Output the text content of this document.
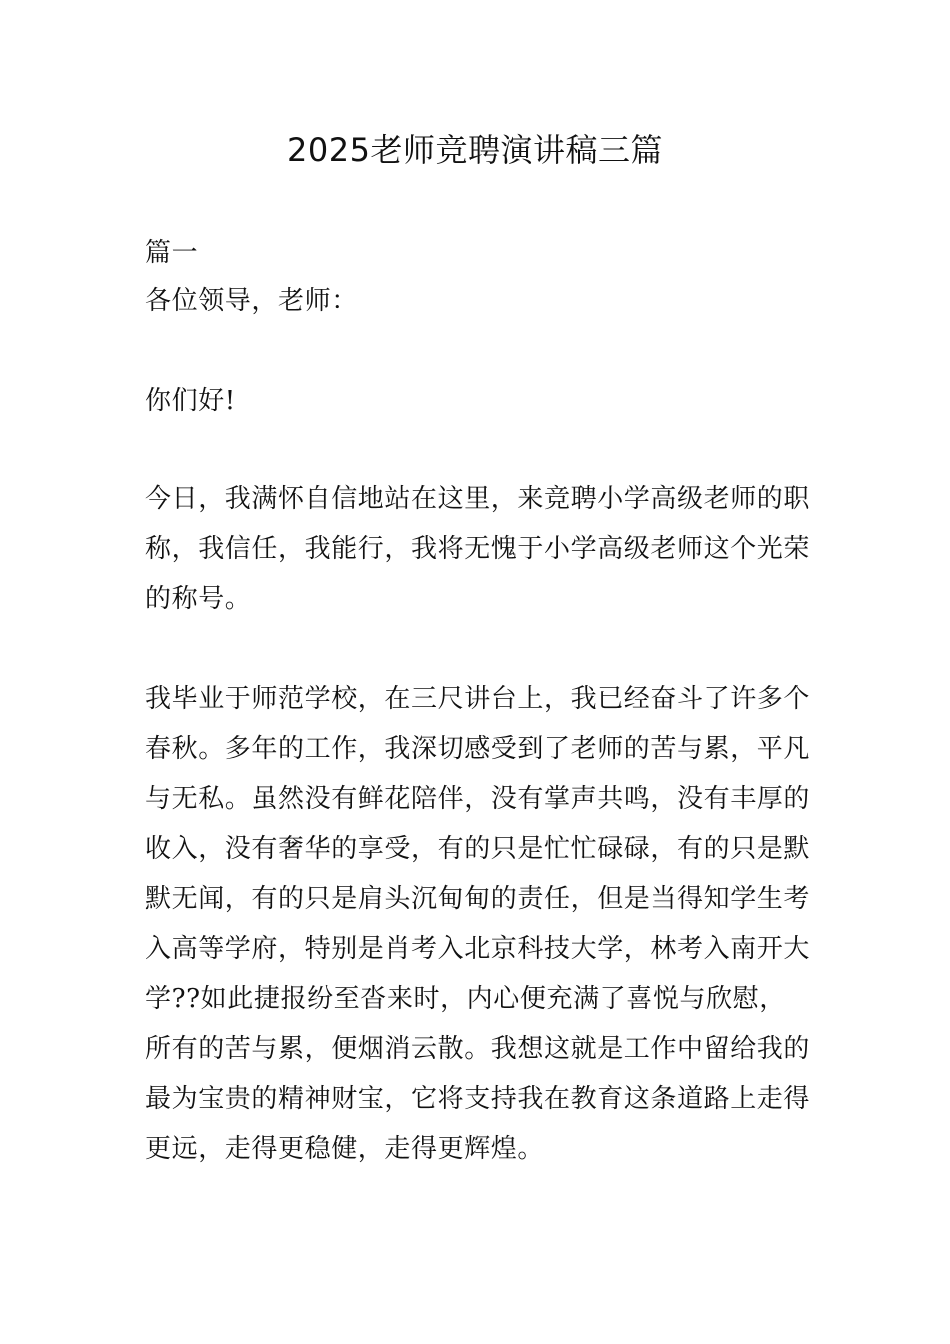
2025老师竞聘演讲稿三篇

篇一

各位领导，老师：

你们好!

今日，我满怀自信地站在这里，来竞聘小学高级老师的职称，我信任，我能行，我将无愧于小学高级老师这个光荣的称号。

我毕业于师范学校，在三尺讲台上，我已经奋斗了许多个春秋。多年的工作，我深切感受到了老师的苦与累，平凡与无私。虽然没有鲜花陪伴，没有掌声共鸣，没有丰厚的收入，没有奢华的享受，有的只是忙忙碌碌，有的只是默默无闻，有的只是肩头沉甸甸的责任，但是当得知学生考入高等学府，特别是肖考入北京科技大学，林考入南开大学??如此捷报纷至沓来时，内心便充满了喜悦与欣慰，所有的苦与累，便烟消云散。我想这就是工作中留给我的最为宝贵的精神财宝，它将支持我在教育这条道路上走得更远，走得更稳健，走得更辉煌。
